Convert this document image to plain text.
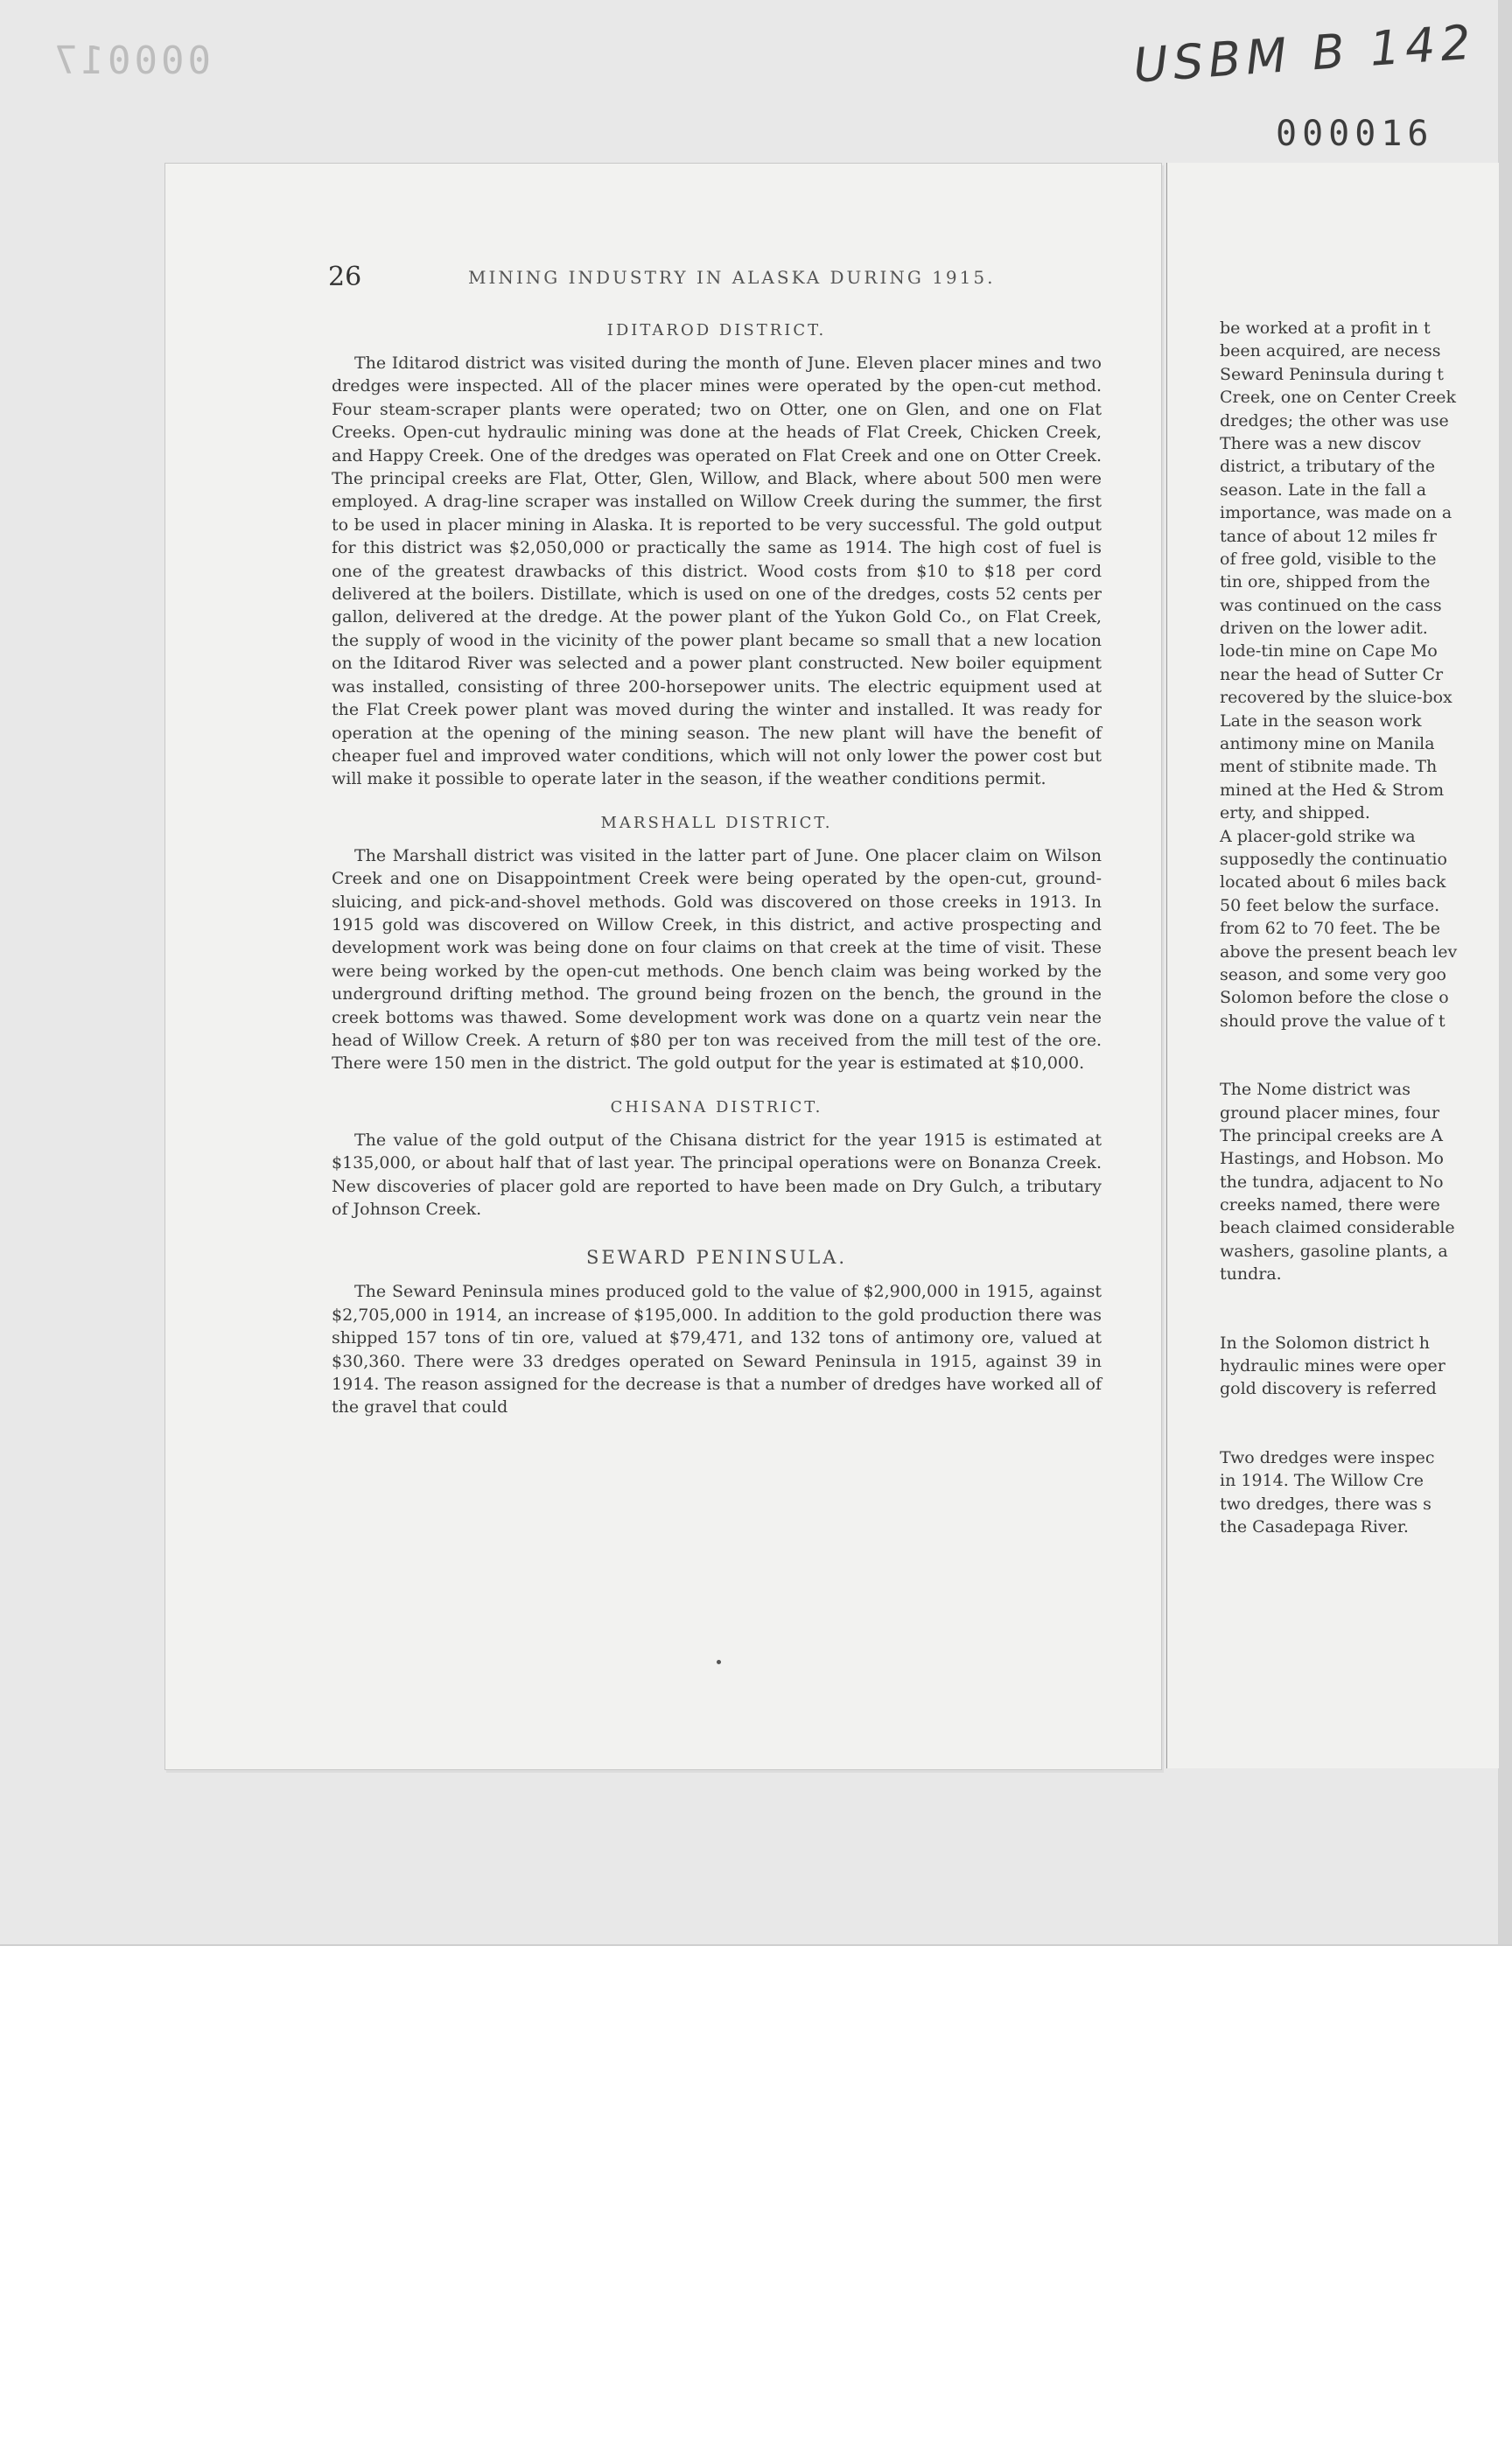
000017	USBM B 142
000016
26	MINING INDUSTRY IN ALASKA DURING 1915.
IDITAROD DISTRICT.

The Iditarod district was visited during the month of June. Eleven placer mines and two dredges were inspected. All of the placer mines were operated by the open-cut method. Four steam-scraper plants were operated; two on Otter, one on Glen, and one on Flat Creeks. Open-cut hydraulic mining was done at the heads of Flat Creek, Chicken Creek, and Happy Creek. One of the dredges was operated on Flat Creek and one on Otter Creek. The principal creeks are Flat, Otter, Glen, Willow, and Black, where about 500 men were employed. A drag-line scraper was installed on Willow Creek during the summer, the first to be used in placer mining in Alaska. It is reported to be very successful. The gold output for this district was $2,050,000 or practically the same as 1914. The high cost of fuel is one of the greatest drawbacks of this district. Wood costs from $10 to $18 per cord delivered at the boilers. Distillate, which is used on one of the dredges, costs 52 cents per gallon, delivered at the dredge. At the power plant of the Yukon Gold Co., on Flat Creek, the supply of wood in the vicinity of the power plant became so small that a new location on the Iditarod River was selected and a power plant constructed. New boiler equipment was installed, consisting of three 200-horsepower units. The electric equipment used at the Flat Creek power plant was moved during the winter and installed. It was ready for operation at the opening of the mining season. The new plant will have the benefit of cheaper fuel and improved water conditions, which will not only lower the power cost but will make it possible to operate later in the season, if the weather conditions permit.

MARSHALL DISTRICT.

The Marshall district was visited in the latter part of June. One placer claim on Wilson Creek and one on Disappointment Creek were being operated by the open-cut, ground-sluicing, and pick-and-shovel methods. Gold was discovered on those creeks in 1913. In 1915 gold was discovered on Willow Creek, in this district, and active prospecting and development work was being done on four claims on that creek at the time of visit. These were being worked by the open-cut methods. One bench claim was being worked by the underground drifting method. The ground being frozen on the bench, the ground in the creek bottoms was thawed. Some development work was done on a quartz vein near the head of Willow Creek. A return of $80 per ton was received from the mill test of the ore. There were 150 men in the district. The gold output for the year is estimated at $10,000.

CHISANA DISTRICT.

The value of the gold output of the Chisana district for the year 1915 is estimated at $135,000, or about half that of last year. The principal operations were on Bonanza Creek. New discoveries of placer gold are reported to have been made on Dry Gulch, a tributary of Johnson Creek.

SEWARD PENINSULA.

The Seward Peninsula mines produced gold to the value of $2,900,000 in 1915, against $2,705,000 in 1914, an increase of $195,000. In addition to the gold production there was shipped 157 tons of tin ore, valued at $79,471, and 132 tons of antimony ore, valued at $30,360. There were 33 dredges operated on Seward Peninsula in 1915, against 39 in 1914. The reason assigned for the decrease is that a number of dredges have worked all of the gravel that could

be worked at a profit in t
been acquired, are necess
Seward Peninsula during t
Creek, one on Center Creek
dredges; the other was use
There was a new discov
district, a tributary of the
season. Late in the fall a
importance, was made on a
tance of about 12 miles fr
of free gold, visible to the
tin ore, shipped from the
was continued on the cass
driven on the lower adit.
lode-tin mine on Cape Mo
near the head of Sutter Cr
recovered by the sluice-box
Late in the season work
antimony mine on Manila
ment of stibnite made. Th
mined at the Hed & Strom
erty, and shipped.
A placer-gold strike wa
supposedly the continuatio
located about 6 miles back
50 feet below the surface.
from 62 to 70 feet. The be
above the present beach lev
season, and some very goo
Solomon before the close o
should prove the value of t
The Nome district was
ground placer mines, four
The principal creeks are A
Hastings, and Hobson. Mo
the tundra, adjacent to No
creeks named, there were
beach claimed considerable
washers, gasoline plants, a
tundra.
In the Solomon district h
hydraulic mines were oper
gold discovery is referred
Two dredges were inspec
in 1914. The Willow Cre
two dredges, there was s
the Casadepaga River.
